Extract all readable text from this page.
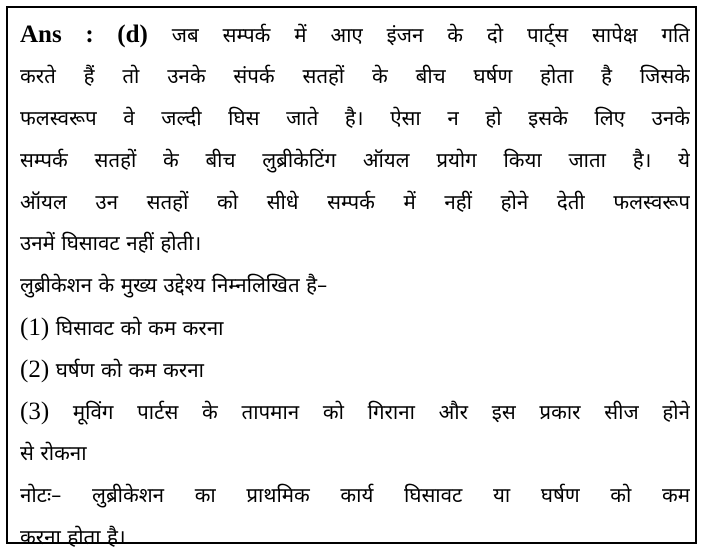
Ans : (d) जब सम्पर्क में आए इंजन के दो पार्ट्स सापेक्ष गति
करते हैं तो उनके संपर्क सतहों के बीच घर्षण होता है जिसके
फलस्वरूप वे जल्दी घिस जाते है। ऐसा न हो इसके लिए उनके
सम्पर्क सतहों के बीच लुब्रीकेटिंग ऑयल प्रयोग किया जाता है। ये
ऑयल उन सतहों को सीधे सम्पर्क में नहीं होने देती फलस्वरूप
उनमें घिसावट नहीं होती।
लुब्रीकेशन के मुख्य उद्देश्य निम्नलिखित है–
(1) घिसावट को कम करना
(2) घर्षण को कम करना
(3) मूविंग पार्टस के तापमान को गिराना और इस प्रकार सीज होने
से रोकना
नोटः– लुब्रीकेशन का प्राथमिक कार्य घिसावट या घर्षण को कम
करना होता है।
